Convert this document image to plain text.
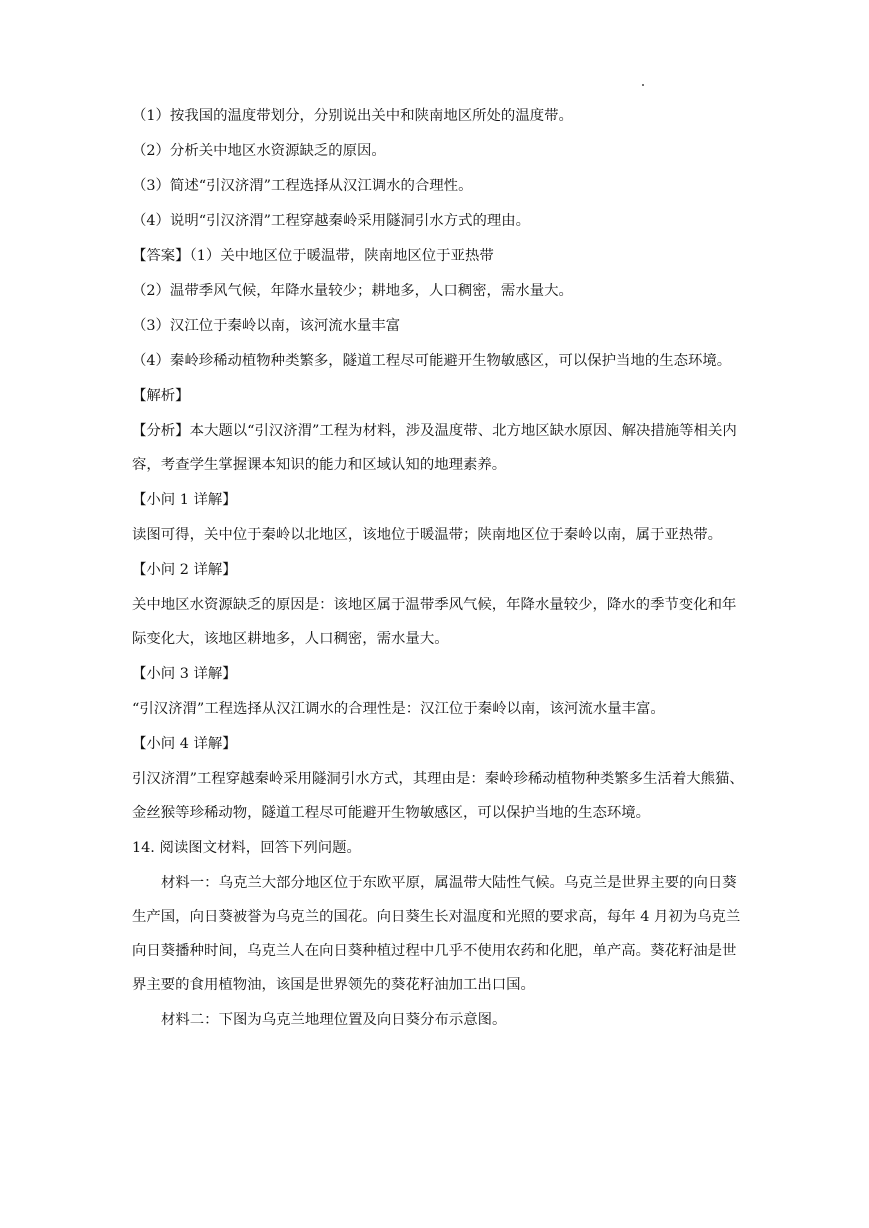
（1）按我国的温度带划分，分别说出关中和陕南地区所处的温度带。

（2）分析关中地区水资源缺乏的原因。

（3）简述“引汉济渭”工程选择从汉江调水的合理性。

（4）说明“引汉济渭”工程穿越秦岭采用隧洞引水方式的理由。

【答案】（1）关中地区位于暖温带，陕南地区位于亚热带

（2）温带季风气候，年降水量较少；耕地多，人口稠密，需水量大。

（3）汉江位于秦岭以南，该河流水量丰富

（4）秦岭珍稀动植物种类繁多，隧道工程尽可能避开生物敏感区，可以保护当地的生态环境。

【解析】

【分析】本大题以“引汉济渭”工程为材料，涉及温度带、北方地区缺水原因、解决措施等相关内容，考查学生掌握课本知识的能力和区域认知的地理素养。

【小问 1 详解】

读图可得，关中位于秦岭以北地区，该地位于暖温带；陕南地区位于秦岭以南，属于亚热带。

【小问 2 详解】

关中地区水资源缺乏的原因是：该地区属于温带季风气候，年降水量较少，降水的季节变化和年际变化大，该地区耕地多，人口稠密，需水量大。

【小问 3 详解】

“引汉济渭”工程选择从汉江调水的合理性是：汉江位于秦岭以南，该河流水量丰富。

【小问 4 详解】

引汉济渭”工程穿越秦岭采用隧洞引水方式，其理由是：秦岭珍稀动植物种类繁多生活着大熊猫、金丝猴等珍稀动物，隧道工程尽可能避开生物敏感区，可以保护当地的生态环境。

14. 阅读图文材料，回答下列问题。

材料一：乌克兰大部分地区位于东欧平原，属温带大陆性气候。乌克兰是世界主要的向日葵生产国，向日葵被誉为乌克兰的国花。向日葵生长对温度和光照的要求高，每年 4 月初为乌克兰向日葵播种时间，乌克兰人在向日葵种植过程中几乎不使用农药和化肥，单产高。葵花籽油是世界主要的食用植物油，该国是世界领先的葵花籽油加工出口国。

材料二：下图为乌克兰地理位置及向日葵分布示意图。
